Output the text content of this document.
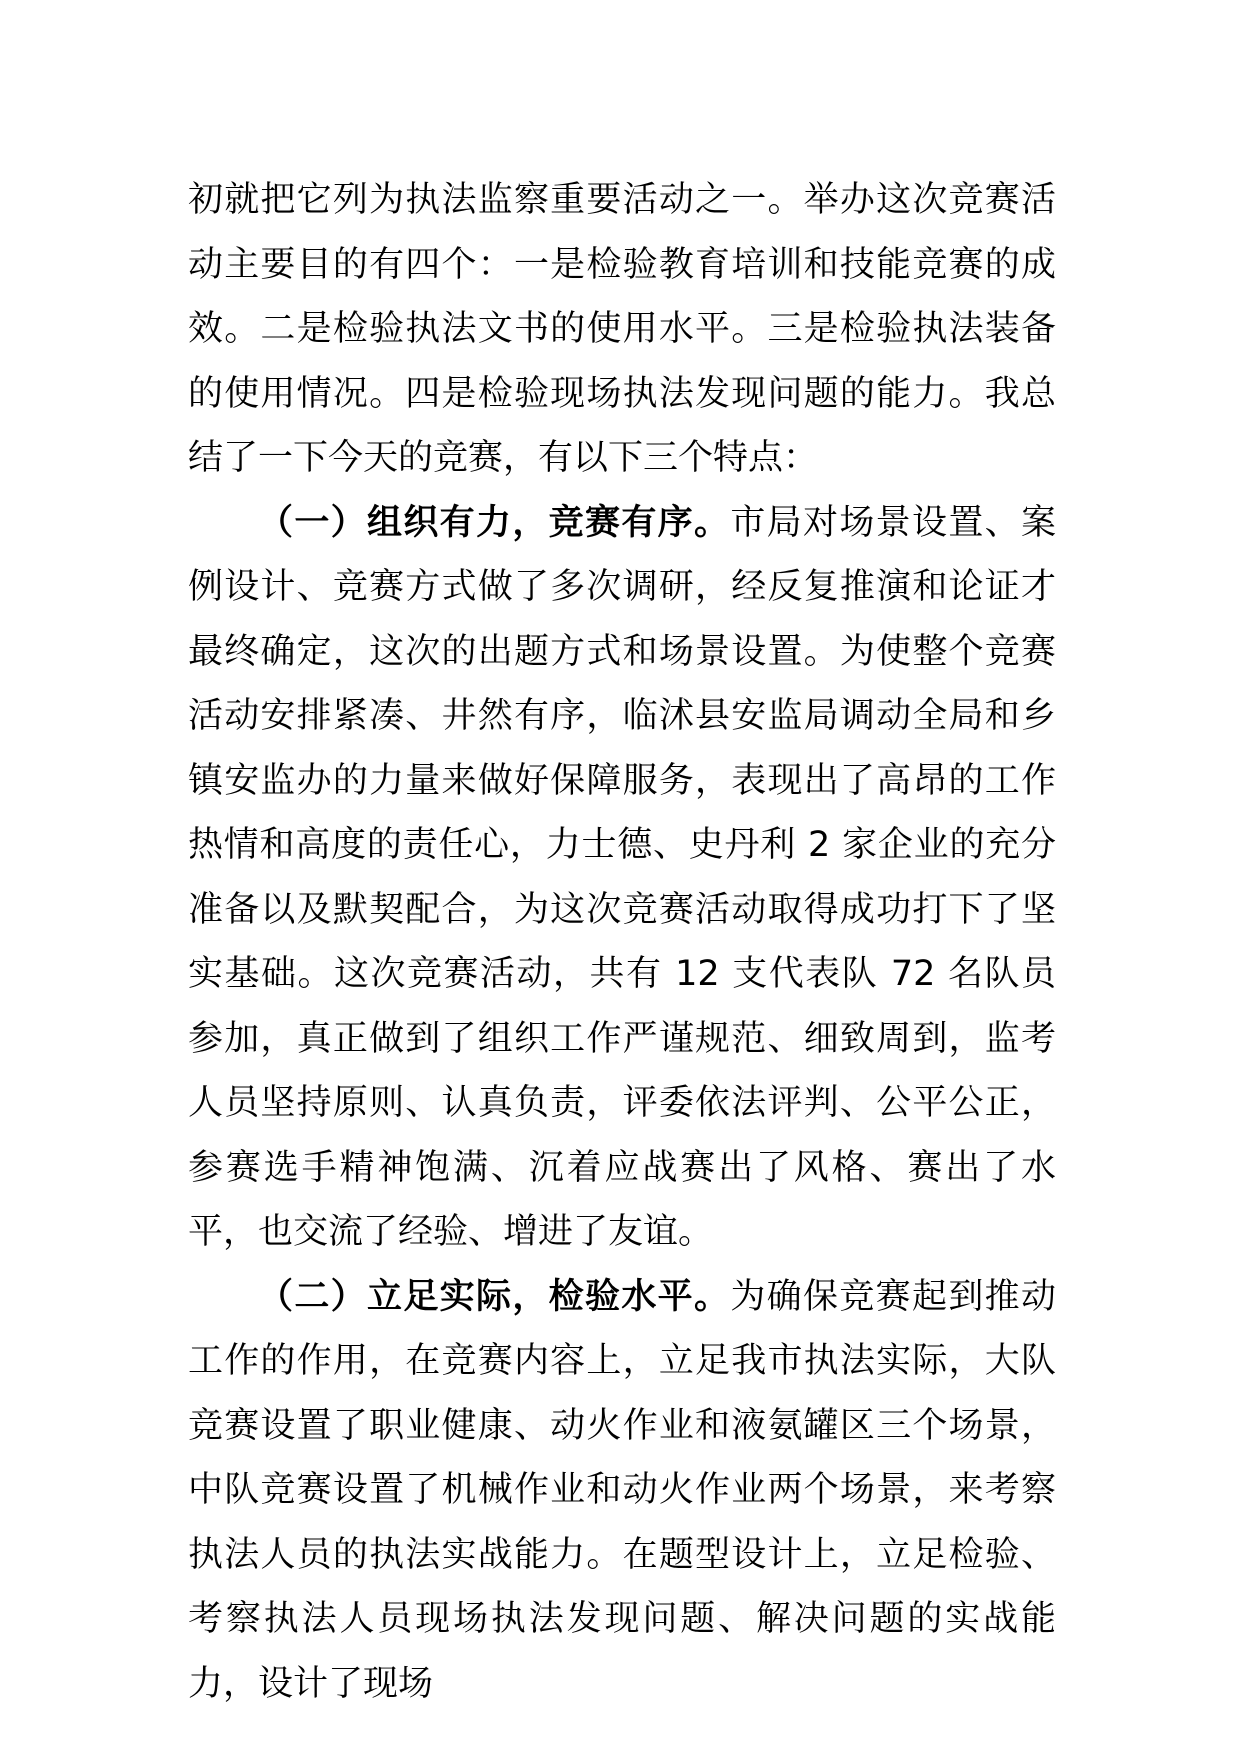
初就把它列为执法监察重要活动之一。举办这次竞赛活动主要目的有四个：一是检验教育培训和技能竞赛的成效。二是检验执法文书的使用水平。三是检验执法装备的使用情况。四是检验现场执法发现问题的能力。我总结了一下今天的竞赛，有以下三个特点：

（一）组织有力，竞赛有序。市局对场景设置、案例设计、竞赛方式做了多次调研，经反复推演和论证才最终确定，这次的出题方式和场景设置。为使整个竞赛活动安排紧凑、井然有序，临沭县安监局调动全局和乡镇安监办的力量来做好保障服务，表现出了高昂的工作热情和高度的责任心，力士德、史丹利 2 家企业的充分准备以及默契配合，为这次竞赛活动取得成功打下了坚实基础。这次竞赛活动，共有 12 支代表队 72 名队员参加，真正做到了组织工作严谨规范、细致周到，监考人员坚持原则、认真负责，评委依法评判、公平公正，参赛选手精神饱满、沉着应战赛出了风格、赛出了水平，也交流了经验、增进了友谊。

（二）立足实际，检验水平。为确保竞赛起到推动工作的作用，在竞赛内容上，立足我市执法实际，大队竞赛设置了职业健康、动火作业和液氨罐区三个场景，中队竞赛设置了机械作业和动火作业两个场景，来考察执法人员的执法实战能力。在题型设计上，立足检验、考察执法人员现场执法发现问题、解决问题的实战能力，设计了现场
